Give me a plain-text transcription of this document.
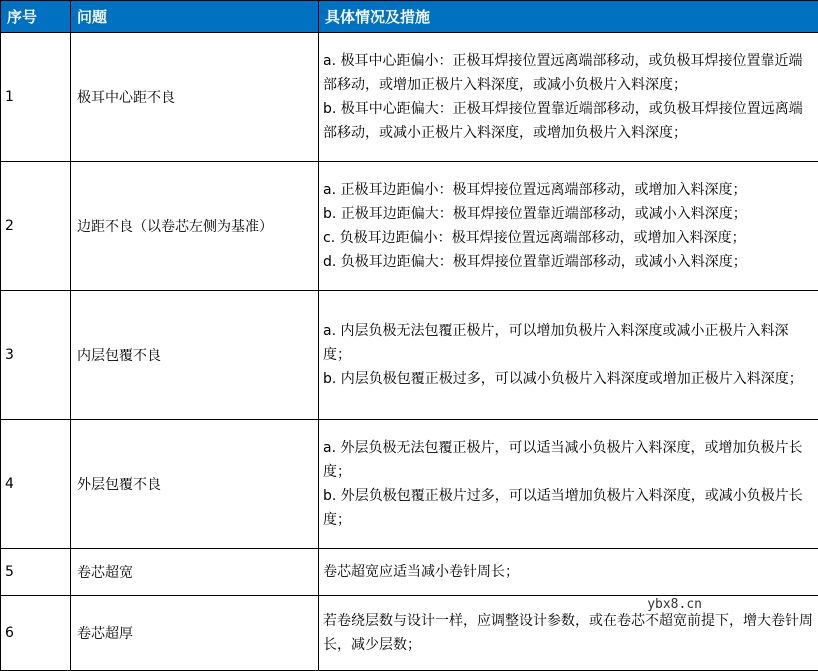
序号	问题	具体情况及措施
1	极耳中心距不良	a. 极耳中心距偏小：正极耳焊接位置远离端部移动，或负极耳焊接位置靠近端部移动，或增加正极片入料深度，或减小负极片入料深度；
b. 极耳中心距偏大：正极耳焊接位置靠近端部移动，或负极耳焊接位置远离端部移动，或减小正极片入料深度，或增加负极片入料深度；

2	边距不良（以卷芯左侧为基准）	a. 正极耳边距偏小：极耳焊接位置远离端部移动，或增加入料深度；
b. 正极耳边距偏大：极耳焊接位置靠近端部移动，或减小入料深度；
c. 负极耳边距偏小：极耳焊接位置远离端部移动，或增加入料深度；
d. 负极耳边距偏大：极耳焊接位置靠近端部移动，或减小入料深度；

3	内层包覆不良	a. 内层负极无法包覆正极片，可以增加负极片入料深度或减小正极片入料深度；
b. 内层负极包覆正极过多，可以减小负极片入料深度或增加正极片入料深度；

4	外层包覆不良	a. 外层负极无法包覆正极片，可以适当减小负极片入料深度，或增加负极片长度；
b. 外层负极包覆正极片过多，可以适当增加负极片入料深度，或减小负极片长度；

5	卷芯超宽	卷芯超宽应适当减小卷针周长；

6	卷芯超厚	若卷绕层数与设计一样，应调整设计参数，或在卷芯不超宽前提下，增大卷针周长，减少层数；
ybx8.cn
